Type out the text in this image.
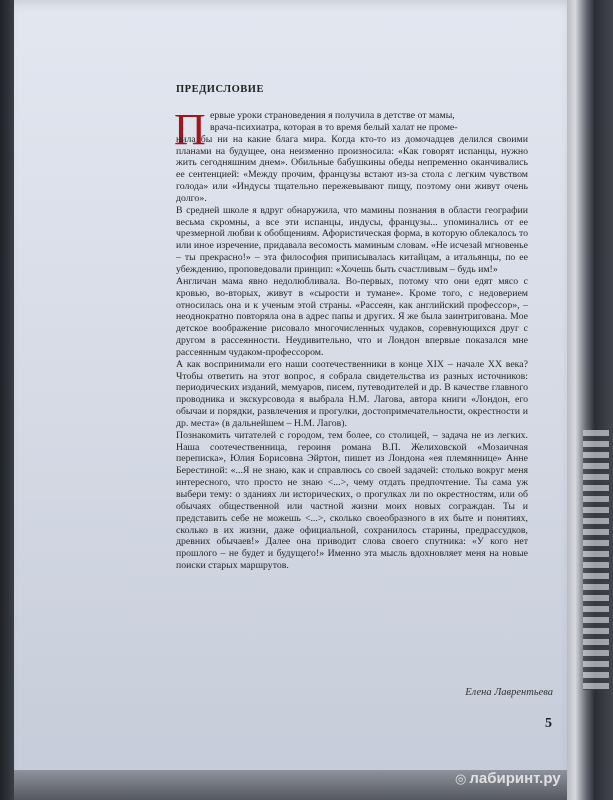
ПРЕДИСЛОВИЕ
П ервые уроки страноведения я получила в детстве от мамы,

врача-психиатра, которая в то время белый халат не проме-

нила бы ни на какие блага мира. Когда кто-то из домочадцев делился своими планами на будущее, она неизменно произносила: «Как говорят испанцы, нужно жить сегодняшним днем». Обильные бабушкины обеды непременно оканчивались ее сентенцией: «Между прочим, французы встают из-за стола с легким чувством голода» или «Индусы тщательно пережевывают пищу, поэтому они живут очень долго».

В средней школе я вдруг обнаружила, что мамины познания в области географии весьма скромны, а все эти испанцы, индусы, французы... упоминались от ее чрезмерной любви к обобщениям. Афористическая форма, в которую облекалось то или иное изречение, придавала весомость маминым словам. «Не исчезай мгновенье – ты прекрасно!» – эта философия приписывалась китайцам, а итальянцы, по ее убеждению, проповедовали принцип: «Хочешь быть счастливым – будь им!»

Англичан мама явно недолюбливала. Во-первых, потому что они едят мясо с кровью, во-вторых, живут в «сырости и тумане». Кроме того, с недоверием относилась она и к ученым этой страны. «Рассеян, как английский профессор», – неоднократно повторяла она в адрес папы и других. Я же была заинтригована. Мое детское воображение рисовало многочисленных чудаков, соревнующихся друг с другом в рассеянности. Неудивительно, что и Лондон впервые показался мне рассеянным чудаком-профессором.

А как воспринимали его наши соотечественники в конце XIX – начале XX века? Чтобы ответить на этот вопрос, я собрала свидетельства из разных источников: периодических изданий, мемуаров, писем, путеводителей и др. В качестве главного проводника и экскурсовода я выбрала Н.М. Лагова, автора книги «Лондон, его обычаи и порядки, развлечения и прогулки, достопримечательности, окрестности и др. места» (в дальнейшем – Н.М. Лагов).

Познакомить читателей с городом, тем более, со столицей, – задача не из легких. Наша соотечественница, героиня романа В.П. Желиховской «Мозаичная переписка», Юлия Борисовна Эйртон, пишет из Лондона «ея племяннице» Анне Берестиной: «...Я не знаю, как и справлюсь со своей задачей: столько вокруг меня интересного, что просто не знаю <...>, чему отдать предпочтение. Ты сама уж выбери тему: о зданиях ли исторических, о прогулках ли по окрестностям, или об обычаях общественной или частной жизни моих новых сограждан. Ты и представить себе не можешь <...>, сколько своеобразного в их быте и понятиях, сколько в их жизни, даже официальной, сохранилось старины, предрассудков, древних обычаев!» Далее она приводит слова своего спутника: «У кого нет прошлого – не будет и будущего!» Именно эта мысль вдохновляет меня на новые поиски старых маршрутов.

Елена Лаврентьева
5
◎ лабиринт.ру
